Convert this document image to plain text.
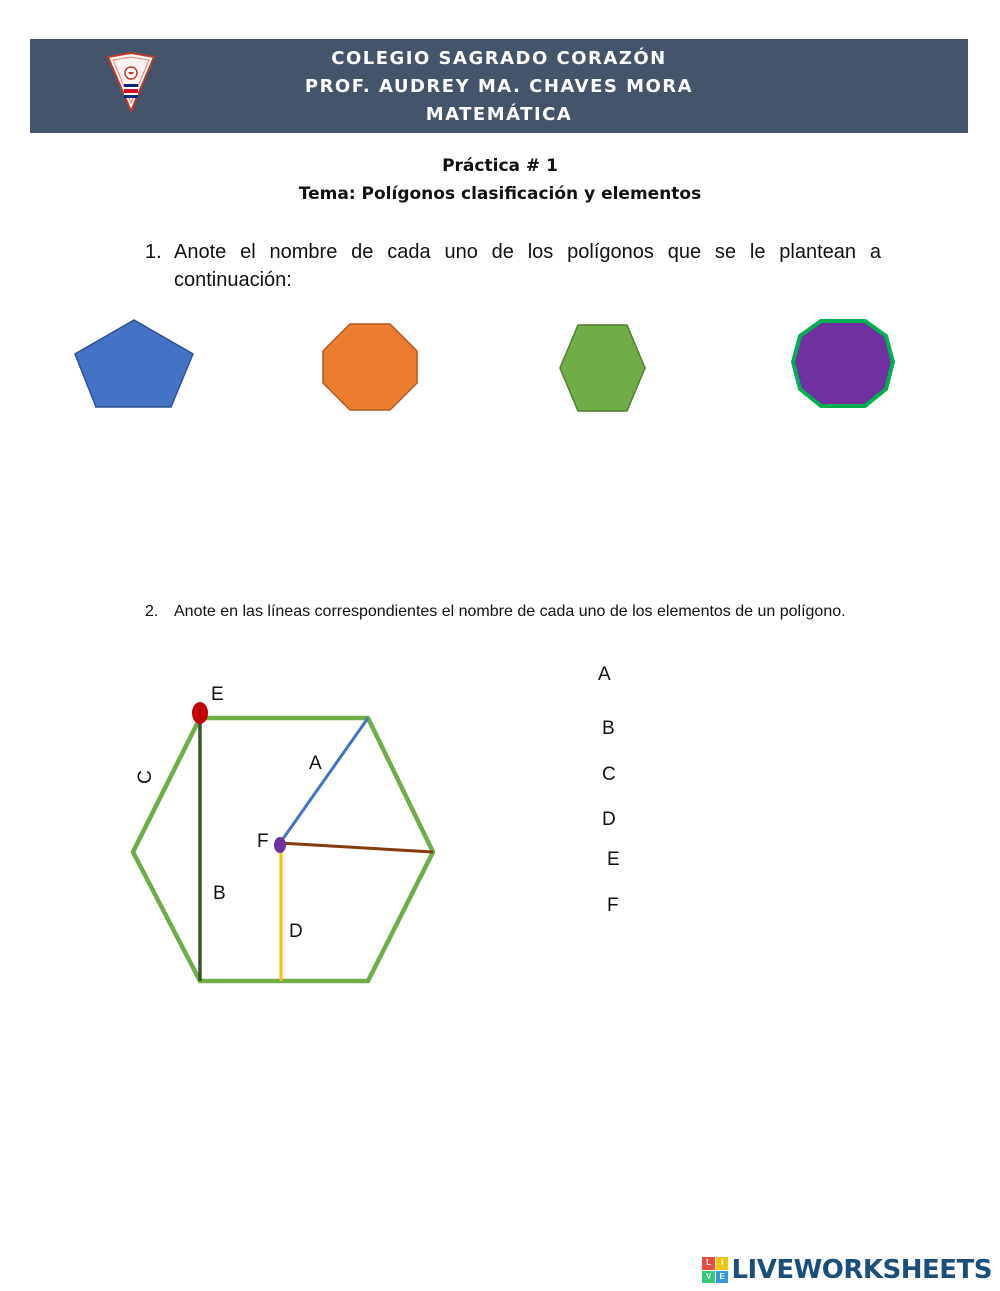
COLEGIO SAGRADO CORAZÓN
PROF. AUDREY MA. CHAVES MORA
MATEMÁTICA
Práctica # 1
Tema: Polígonos clasificación y elementos
1. Anote el nombre de cada uno de los polígonos que se le plantean a continuación:
2. Anote en las líneas correspondientes el nombre de cada uno de los elementos de un polígono.
E
C
A
F
B
D
A
B
C
D
E
F
L	I
V	E LIVEWORKSHEETS
